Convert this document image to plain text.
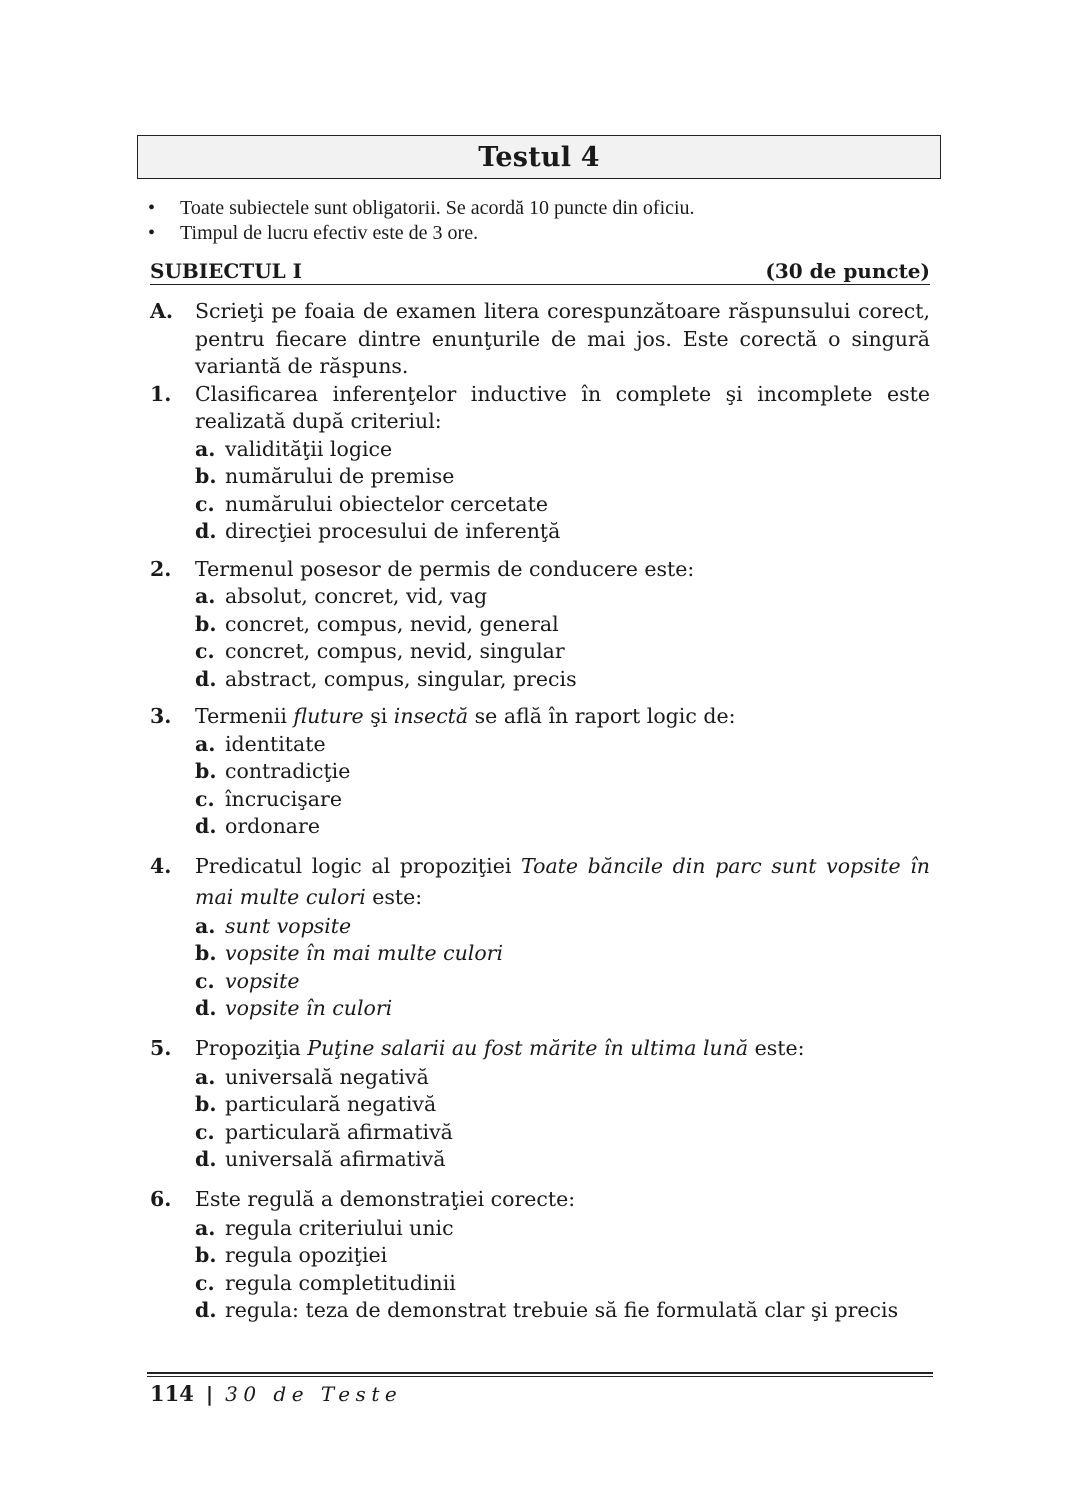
Testul 4
•	Toate subiectele sunt obligatorii. Se acordă 10 puncte din oficiu.
•	Timpul de lucru efectiv este de 3 ore.
SUBIECTUL I	(30 de puncte)
A.	Scrieţi pe foaia de examen litera corespunzătoare răspunsului corect, pentru fiecare dintre enunţurile de mai jos. Este corectă o singură variantă de răspuns.
1.	Clasificarea inferenţelor inductive în complete şi incomplete este realizată după criteriul:
a. validităţii logice
b. numărului de premise
c. numărului obiectelor cercetate
d. direcţiei procesului de inferenţă
2.	Termenul posesor de permis de conducere este:
a. absolut, concret, vid, vag
b. concret, compus, nevid, general
c. concret, compus, nevid, singular
d. abstract, compus, singular, precis
3.	Termenii fluture şi insectă se află în raport logic de:
a. identitate
b. contradicţie
c. încrucişare
d. ordonare
4.	Predicatul logic al propoziţiei Toate băncile din parc sunt vopsite în mai multe culori este:
a. sunt vopsite
b. vopsite în mai multe culori
c. vopsite
d. vopsite în culori
5.	Propoziţia Puţine salarii au fost mărite în ultima lună este:
a. universală negativă
b. particulară negativă
c. particulară afirmativă
d. universală afirmativă
6.	Este regulă a demonstraţiei corecte:
a. regula criteriului unic
b. regula opoziţiei
c. regula completitudinii
d. regula: teza de demonstrat trebuie să fie formulată clar şi precis
114 | 30 de Teste
